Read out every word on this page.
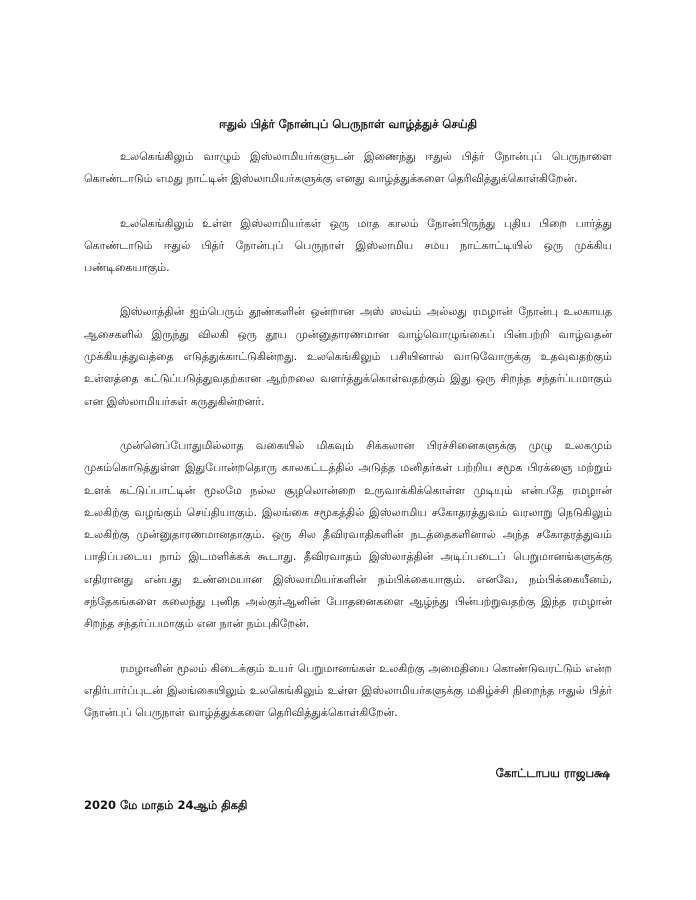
ஈதுல் பித்ர் நோன்புப் பெருநாள் வாழ்த்துச் செய்தி

உலகெங்கிலும் வாழும் இஸ்லாமியர்களுடன் இணைந்து ஈதுல் பித்ர் நோன்புப் பெருநாளை கொண்டாடும் எமது நாட்டின் இஸ்லாமியர்களுக்கு எனது வாழ்த்துக்களை தெரிவித்துக்கொள்கிறேன்.

உலகெங்கிலும் உள்ள இஸ்லாமியர்கள் ஒரு மாத காலம் நோன்பிருந்து புதிய பிறை பார்த்து கொண்டாடும் ஈதுல் பித்ர் நோன்புப் பெருநாள் இஸ்லாமிய சமய நாட்காட்டியில் ஒரு முக்கிய பண்டிகையாகும்.

இஸ்லாத்தின் ஐம்பெரும் தூண்களின் ஒன்றான அஸ் ஸவ்ம் அல்லது ரமழான் நோன்பு உலகாயத ஆசைகளில் இருந்து விலகி ஒரு தூய முன்னுதாரணமான வாழ்வொழுங்கைப் பின்பற்றி வாழ்வதன் முக்கியத்துவத்தை எடுத்துக்காட்டுகின்றது. உலகெங்கிலும் பசியினால் வாடுவோருக்கு உதவுவதற்கும் உள்ளத்தை கட்டுப்படுத்துவதற்கான ஆற்றலை வளர்த்துக்கொள்வதற்கும் இது ஒரு சிறந்த சந்தர்ப்பமாகும் என இஸ்லாமியர்கள் கருதுகின்றனர்.

முன்னெப்போதுமில்லாத வகையில் மிகவும் சிக்கலான பிரச்சினைகளுக்கு முழு உலகமும் முகம்கொடுத்துள்ள இதுபோன்றதொரு காலகட்டத்தில் அடுத்த மனிதர்கள் பற்றிய சமூக பிரக்ஞை மற்றும் உளக் கட்டுப்பாட்டின் மூலமே நல்ல சூழலொன்றை உருவாக்கிக்கொள்ள முடியும் என்பதே ரமழான் உலகிற்கு வழங்கும் செய்தியாகும். இலங்கை சமூகத்தில் இஸ்லாமிய சகோதரத்துவம் வரலாறு நெடுகிலும் உலகிற்கு முன்னுதாரணமானதாகும். ஒரு சில தீவிரவாதிகளின் நடத்தைகளினால் அந்த சகோதரத்துவம் பாதிப்படைய நாம் இடமளிக்கக் கூடாது. தீவிரவாதம் இஸ்லாத்தின் அடிப்படைப் பெறுமானங்களுக்கு எதிரானது என்பது உண்மையான இஸ்லாமியர்களின் நம்பிக்கையாகும். எனவே, நம்பிக்கையீனம், சந்தேகங்களை கலைந்து புனித அல்குர்ஆனின் போதனைகளை ஆழ்ந்து பின்பற்றுவதற்கு இந்த ரமழான் சிறந்த சந்தர்ப்பமாகும் என நான் நம்புகிறேன்.

ரமழானின் மூலம் கிடைக்கும் உயர் பெறுமானங்கள் உலகிற்கு அமைதியை கொண்டுவரட்டும் என்ற எதிர்பார்ப்புடன் இலங்கையிலும் உலகெங்கிலும் உள்ள இஸ்லாமியர்களுக்கு மகிழ்ச்சி நிறைந்த ஈதுல் பித்ர் நோன்புப் பெருநாள் வாழ்த்துக்களை தெரிவித்துக்கொள்கிறேன்.

கோட்டாபய ராஜபக்ஷ
2020 மே மாதம் 24ஆம் திகதி
